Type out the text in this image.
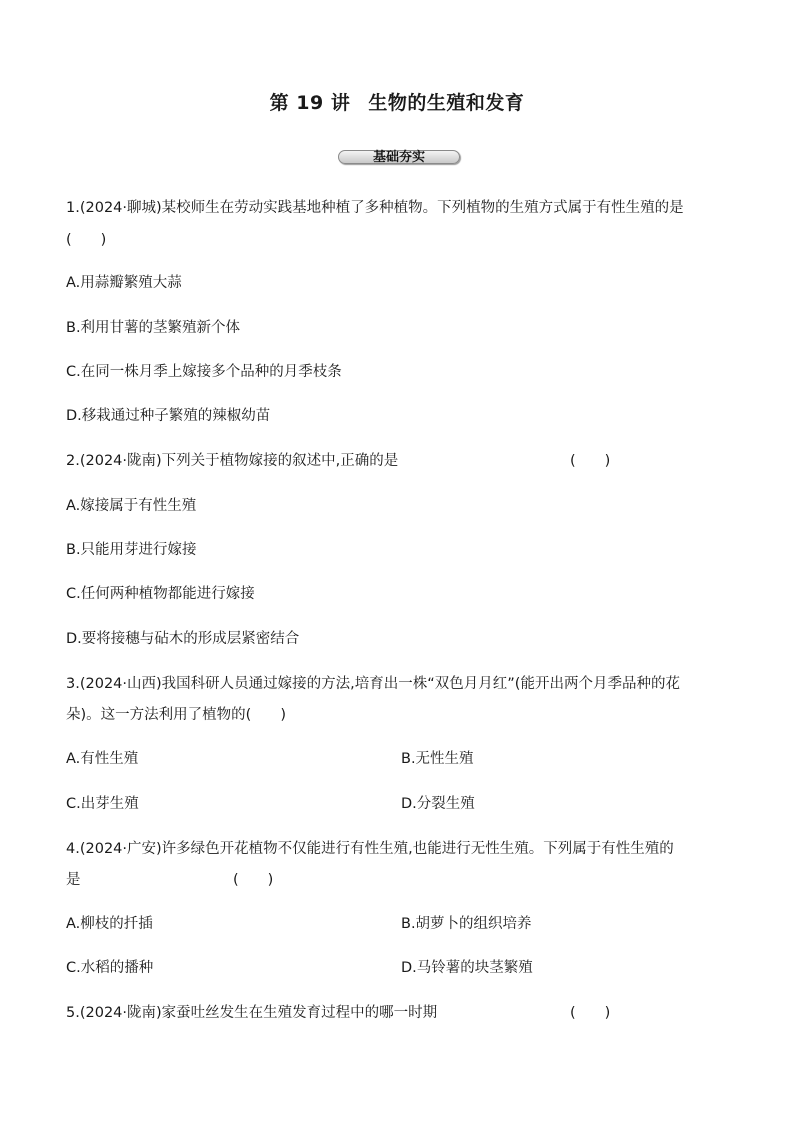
第 19 讲 生物的生殖和发育
基础夯实
1.(2024·聊城)某校师生在劳动实践基地种植了多种植物。下列植物的生殖方式属于有性生殖的是
(　　)
A.用蒜瓣繁殖大蒜
B.利用甘薯的茎繁殖新个体
C.在同一株月季上嫁接多个品种的月季枝条
D.移栽通过种子繁殖的辣椒幼苗
2.(2024·陇南)下列关于植物嫁接的叙述中,正确的是	(　　)
A.嫁接属于有性生殖
B.只能用芽进行嫁接
C.任何两种植物都能进行嫁接
D.要将接穗与砧木的形成层紧密结合
3.(2024·山西)我国科研人员通过嫁接的方法,培育出一株“双色月月红”(能开出两个月季品种的花
朵)。这一方法利用了植物的(　　)
A.有性生殖	B.无性生殖
C.出芽生殖	D.分裂生殖
4.(2024·广安)许多绿色开花植物不仅能进行有性生殖,也能进行无性生殖。下列属于有性生殖的
是	(　　)
A.柳枝的扦插	B.胡萝卜的组织培养
C.水稻的播种	D.马铃薯的块茎繁殖
5.(2024·陇南)家蚕吐丝发生在生殖发育过程中的哪一时期	(　　)
